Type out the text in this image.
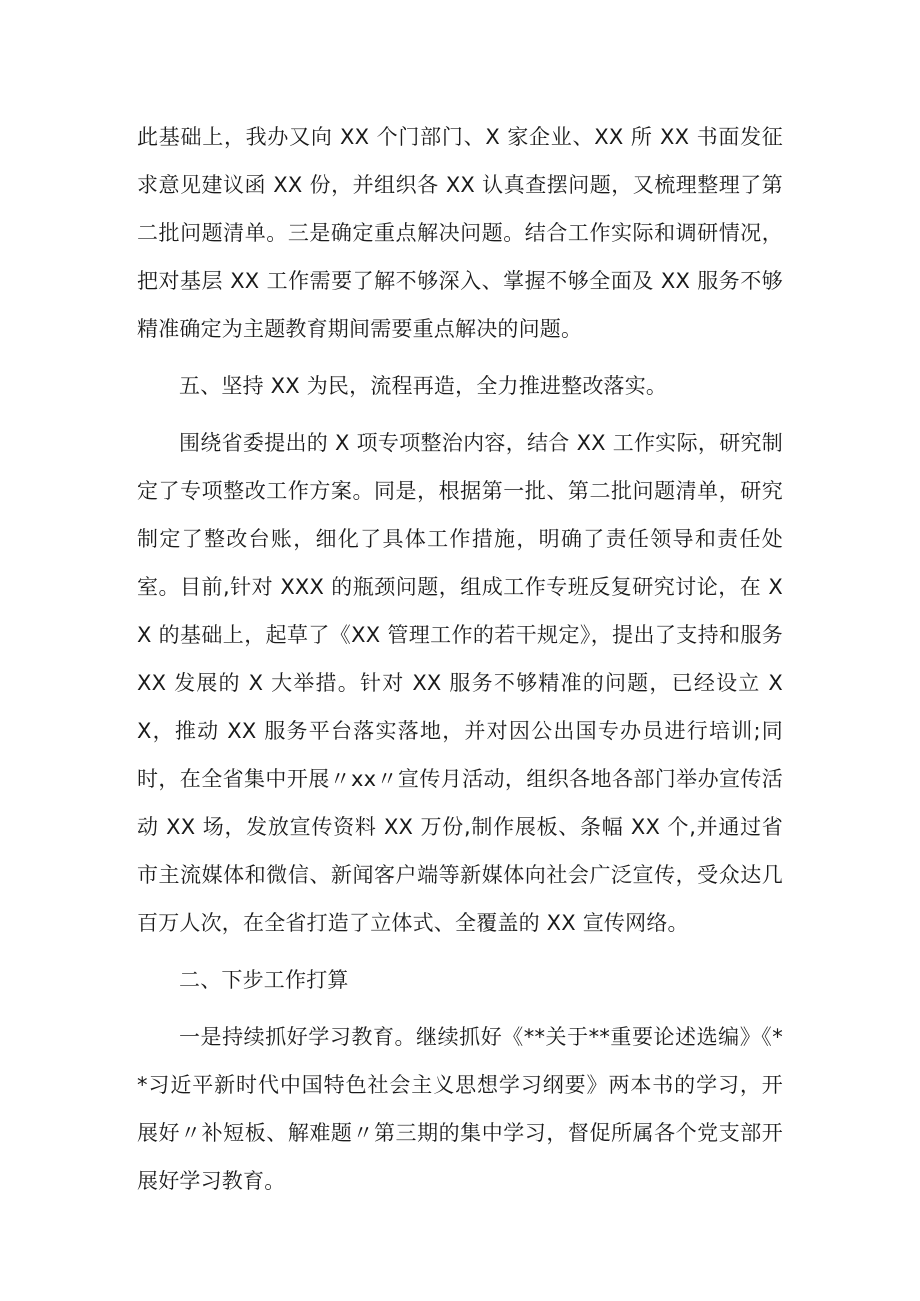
此基础上，我办又向 XX 个门部门、X 家企业、XX 所 XX 书面发征求意见建议函 XX 份，并组织各 XX 认真查摆问题，又梳理整理了第二批问题清单。三是确定重点解决问题。结合工作实际和调研情况，把对基层 XX 工作需要了解不够深入、掌握不够全面及 XX 服务不够精准确定为主题教育期间需要重点解决的问题。

五、坚持 XX 为民，流程再造，全力推进整改落实。

围绕省委提出的 X 项专项整治内容，结合 XX 工作实际，研究制定了专项整改工作方案。同是，根据第一批、第二批问题清单，研究制定了整改台账，细化了具体工作措施，明确了责任领导和责任处室。目前,针对 XXX 的瓶颈问题，组成工作专班反复研究讨论，在 XX 的基础上，起草了《XX 管理工作的若干规定》，提出了支持和服务 XX 发展的 X 大举措。针对 XX 服务不够精准的问题，已经设立 XX，推动 XX 服务平台落实落地，并对因公出国专办员进行培训;同时，在全省集中开展〃xx〃宣传月活动，组织各地各部门举办宣传活动 XX 场，发放宣传资料 XX 万份,制作展板、条幅 XX 个,并通过省市主流媒体和微信、新闻客户端等新媒体向社会广泛宣传，受众达几百万人次，在全省打造了立体式、全覆盖的 XX 宣传网络。

二、下步工作打算

一是持续抓好学习教育。继续抓好《**关于**重要论述选编》《**习近平新时代中国特色社会主义思想学习纲要》两本书的学习，开展好〃补短板、解难题〃第三期的集中学习，督促所属各个党支部开展好学习教育。
